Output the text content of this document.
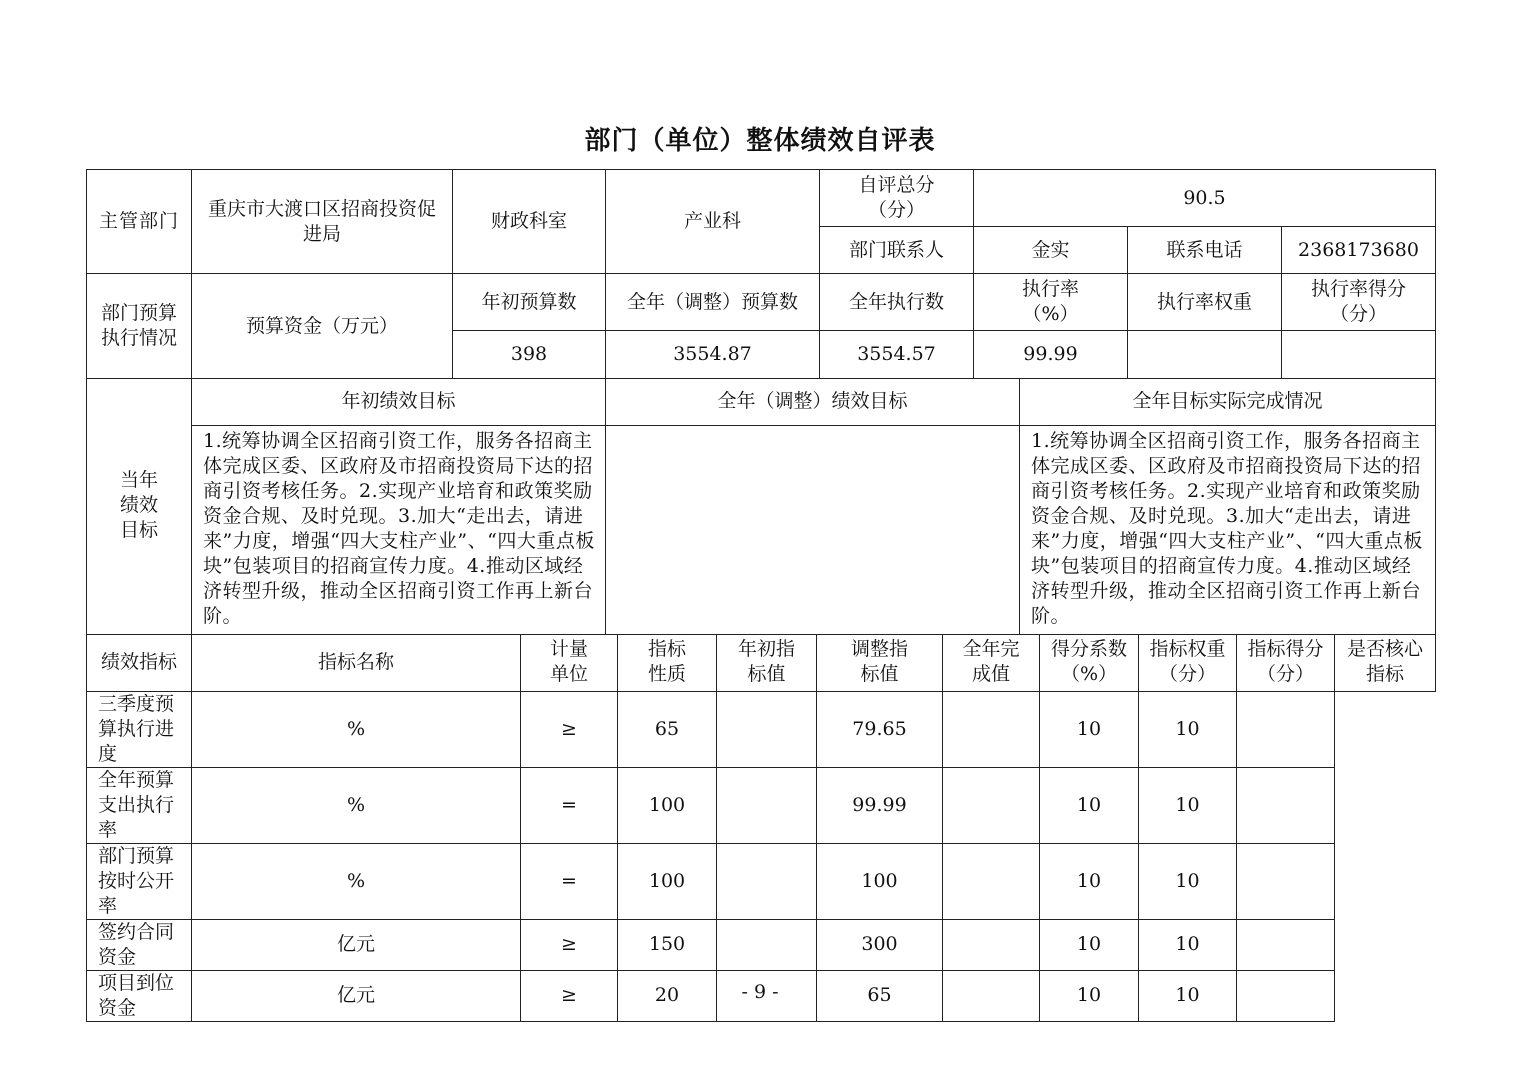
部门（单位）整体绩效自评表
主管部门	重庆市大渡口区招商投资促进局	财政科室	产业科	自评总分（分）	90.5		
				部门联系人	金实	联系电话	2368173680
部门预算执行情况	预算资金（万元）	年初预算数	全年（调整）预算数	全年执行数	执行率（%）	执行率权重	执行率得分（分）
		398	3554.87	3554.57	99.99		
当年绩效目标	年初绩效目标	全年（调整）绩效目标	全年目标实际完成情况
	1.统筹协调全区招商引资工作，服务各招商主体完成区委、区政府及市招商投资局下达的招商引资考核任务。2.实现产业培育和政策奖励资金合规、及时兑现。3.加大“走出去，请进来”力度，增强“四大支柱产业”、“四大重点板块”包装项目的招商宣传力度。4.推动区域经济转型升级，推动全区招商引资工作再上新台阶。		1.统筹协调全区招商引资工作，服务各招商主体完成区委、区政府及市招商投资局下达的招商引资考核任务。2.实现产业培育和政策奖励资金合规、及时兑现。3.加大“走出去，请进来”力度，增强“四大支柱产业”、“四大重点板块”包装项目的招商宣传力度。4.推动区域经济转型升级，推动全区招商引资工作再上新台阶。
绩效指标	指标名称	计量单位	指标性质	年初指标值	调整指标值	全年完成值	得分系数（%）	指标权重（分）	指标得分（分）	是否核心指标
三季度预算执行进度	%	≥	65		79.65		10	10		
全年预算支出执行率	%	=	100		99.99		10	10		
部门预算按时公开率	%	=	100		100		10	10		
签约合同资金	亿元	≥	150		300		10	10		
项目到位资金	亿元	≥	20		65		10	10		
- 9 -
